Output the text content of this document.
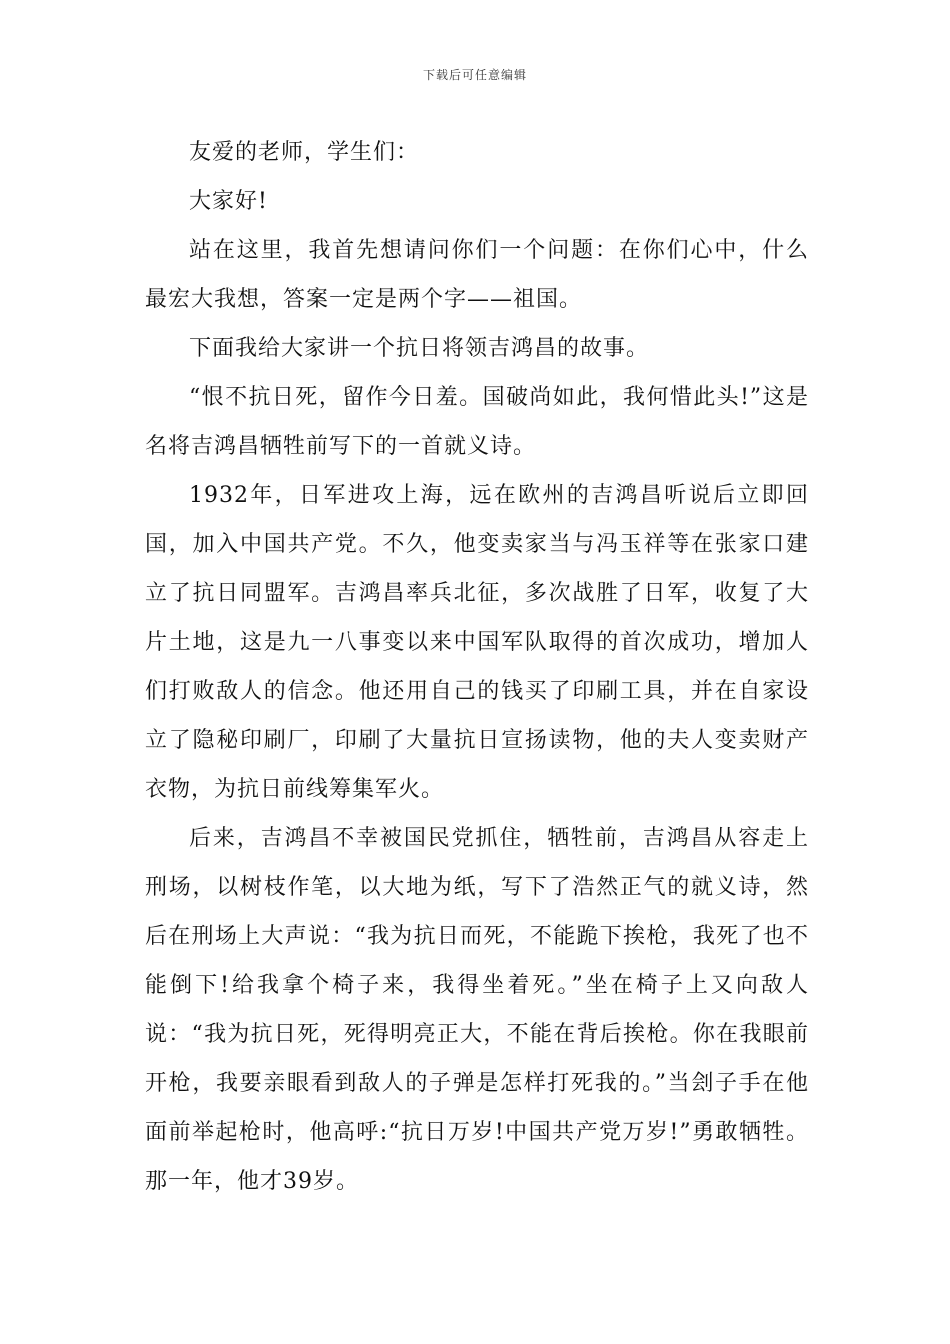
下载后可任意编辑

友爱的老师，学生们：

大家好!

站在这里，我首先想请问你们一个问题：在你们心中，什么最宏大我想，答案一定是两个字——祖国。

下面我给大家讲一个抗日将领吉鸿昌的故事。

“恨不抗日死，留作今日羞。国破尚如此，我何惜此头!”这是名将吉鸿昌牺牲前写下的一首就义诗。

1932年，日军进攻上海，远在欧州的吉鸿昌听说后立即回国，加入中国共产党。不久，他变卖家当与冯玉祥等在张家口建立了抗日同盟军。吉鸿昌率兵北征，多次战胜了日军，收复了大片土地，这是九一八事变以来中国军队取得的首次成功，增加人们打败敌人的信念。他还用自己的钱买了印刷工具，并在自家设立了隐秘印刷厂，印刷了大量抗日宣扬读物，他的夫人变卖财产衣物，为抗日前线筹集军火。

后来，吉鸿昌不幸被国民党抓住，牺牲前，吉鸿昌从容走上刑场，以树枝作笔，以大地为纸，写下了浩然正气的就义诗，然后在刑场上大声说：“我为抗日而死，不能跪下挨枪，我死了也不能倒下!给我拿个椅子来，我得坐着死。”坐在椅子上又向敌人说：“我为抗日死，死得明亮正大，不能在背后挨枪。你在我眼前开枪，我要亲眼看到敌人的子弹是怎样打死我的。”当刽子手在他面前举起枪时，他高呼:“抗日万岁!中国共产党万岁!”勇敢牺牲。那一年，他才39岁。
